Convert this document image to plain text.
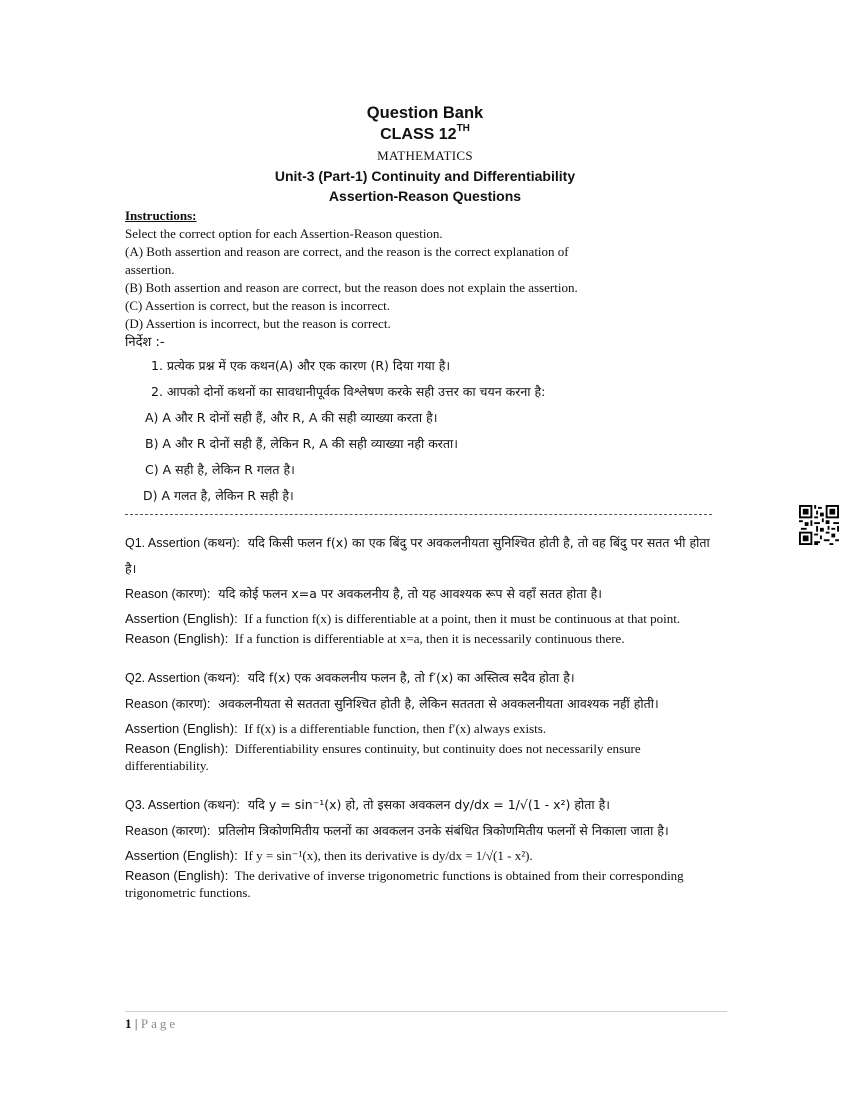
Question Bank
CLASS 12TH
MATHEMATICS
Unit-3 (Part-1) Continuity and Differentiability
Assertion-Reason Questions
Instructions:

Select the correct option for each Assertion-Reason question.

(A) Both assertion and reason are correct, and the reason is the correct explanation of

assertion.

(B) Both assertion and reason are correct, but the reason does not explain the assertion.

(C) Assertion is correct, but the reason is incorrect.

(D) Assertion is incorrect, but the reason is correct.

निर्देश :-
1. प्रत्येक प्रश्न में एक कथन(A) और एक कारण (R) दिया गया है।
2. आपको दोनों कथनों का सावधानीपूर्वक विश्लेषण करके सही उत्तर का चयन करना है:
A) A और R दोनों सही हैं, और R, A की सही व्याख्या करता है।
B) A और R दोनों सही हैं, लेकिन R, A की सही व्याख्या नही करता।
C) A सही है, लेकिन R गलत है।
D) A गलत है, लेकिन R सही है।
Q1. Assertion (कथन): यदि किसी फलन f(x) का एक बिंदु पर अवकलनीयता सुनिश्चित होती है, तो वह बिंदु पर सतत भी होता है।
Reason (कारण): यदि कोई फलन x=a पर अवकलनीय है, तो यह आवश्यक रूप से वहाँ सतत होता है।
Assertion (English): If a function f(x) is differentiable at a point, then it must be continuous at that point.
Reason (English): If a function is differentiable at x=a, then it is necessarily continuous there.
Q2. Assertion (कथन): यदि f(x) एक अवकलनीय फलन है, तो f′(x) का अस्तित्व सदैव होता है।
Reason (कारण): अवकलनीयता से सततता सुनिश्चित होती है, लेकिन सततता से अवकलनीयता आवश्यक नहीं होती।
Assertion (English): If f(x) is a differentiable function, then f′(x) always exists.
Reason (English): Differentiability ensures continuity, but continuity does not necessarily ensure differentiability.
Q3. Assertion (कथन): यदि y = sin⁻¹(x) हो, तो इसका अवकलन dy/dx = 1/√(1 - x²) होता है।
Reason (कारण): प्रतिलोम त्रिकोणमितीय फलनों का अवकलन उनके संबंधित त्रिकोणमितीय फलनों से निकाला जाता है।
Assertion (English): If y = sin⁻¹(x), then its derivative is dy/dx = 1/√(1 - x²).
Reason (English): The derivative of inverse trigonometric functions is obtained from their corresponding trigonometric functions.
1 | Page
